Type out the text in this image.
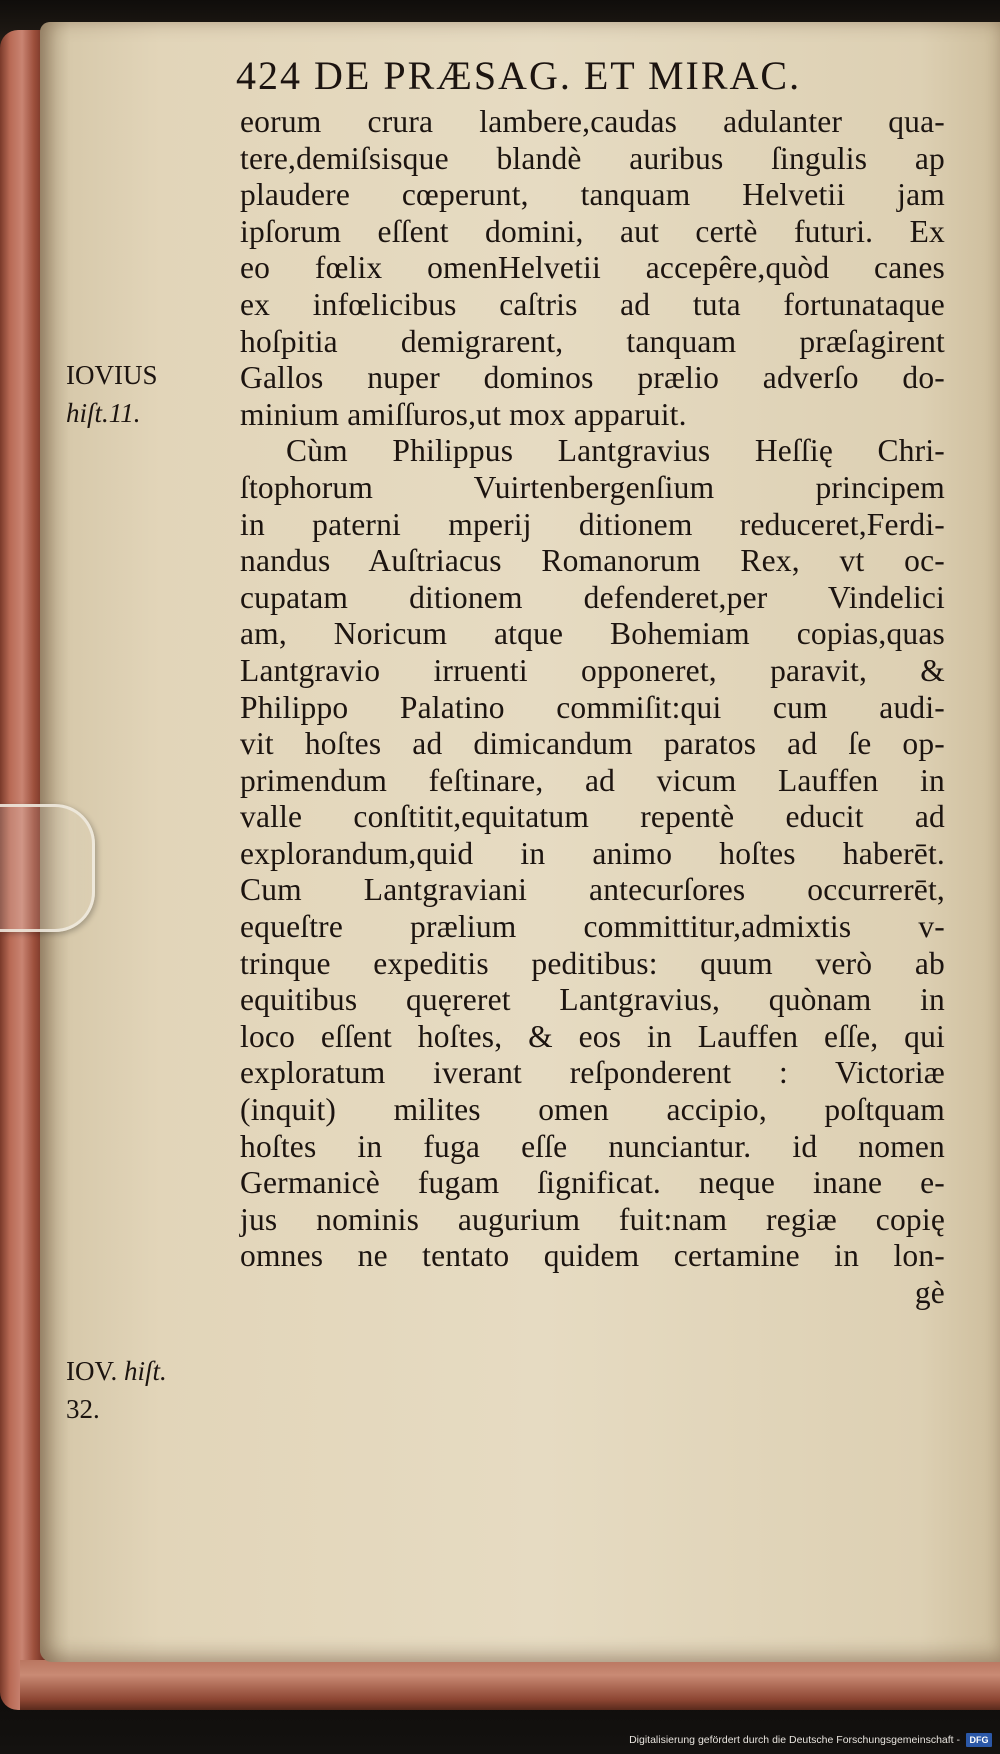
424 DE PRÆSAG. ET MIRAC.
eorum crura lambere,caudas adulanter qua-
tere,demiſsisque blandè auribus ſingulis ap
plaudere cœperunt, tanquam Helvetii jam
ipſorum eſſent domini, aut certè futuri. Ex
eo fœlix omenHelvetii accepêre,quòd canes
ex infœlicibus caſtris ad tuta fortunataque
hoſpitia demigrarent, tanquam præſagirent
Gallos nuper dominos prælio adverſo do-
minium amiſſuros,ut mox apparuit.
Cùm Philippus Lantgravius Heſſię Chri-
ſtophorum Vuirtenbergenſium principem
in paterni mperij ditionem reduceret,Ferdi-
nandus Auſtriacus Romanorum Rex, vt oc-
cupatam ditionem defenderet,per Vindelici
am, Noricum atque Bohemiam copias,quas
Lantgravio irruenti opponeret, paravit, &
Philippo Palatino commiſit:qui cum audi-
vit hoſtes ad dimicandum paratos ad ſe op-
primendum feſtinare, ad vicum Lauffen in
valle conſtitit,equitatum repentè educit ad
explorandum,quid in animo hoſtes haberēt.
Cum Lantgraviani antecurſores occurrerēt,
equeſtre prælium committitur,admixtis v-
trinque expeditis peditibus: quum verò ab
equitibus quęreret Lantgravius, quònam in
loco eſſent hoſtes, & eos in Lauffen eſſe, qui
exploratum iverant reſponderent : Victoriæ
(inquit) milites omen accipio, poſtquam
hoſtes in fuga eſſe nunciantur. id nomen
Germanicè fugam ſignificat. neque inane e-
jus nominis augurium fuit:nam regiæ copię
omnes ne tentato quidem certamine in lon-
gè
IOVIUS
hiſt.11.
IOV. hiſt.
32.
Digitalisierung gefördert durch die Deutsche Forschungsgemeinschaft -	DFG
